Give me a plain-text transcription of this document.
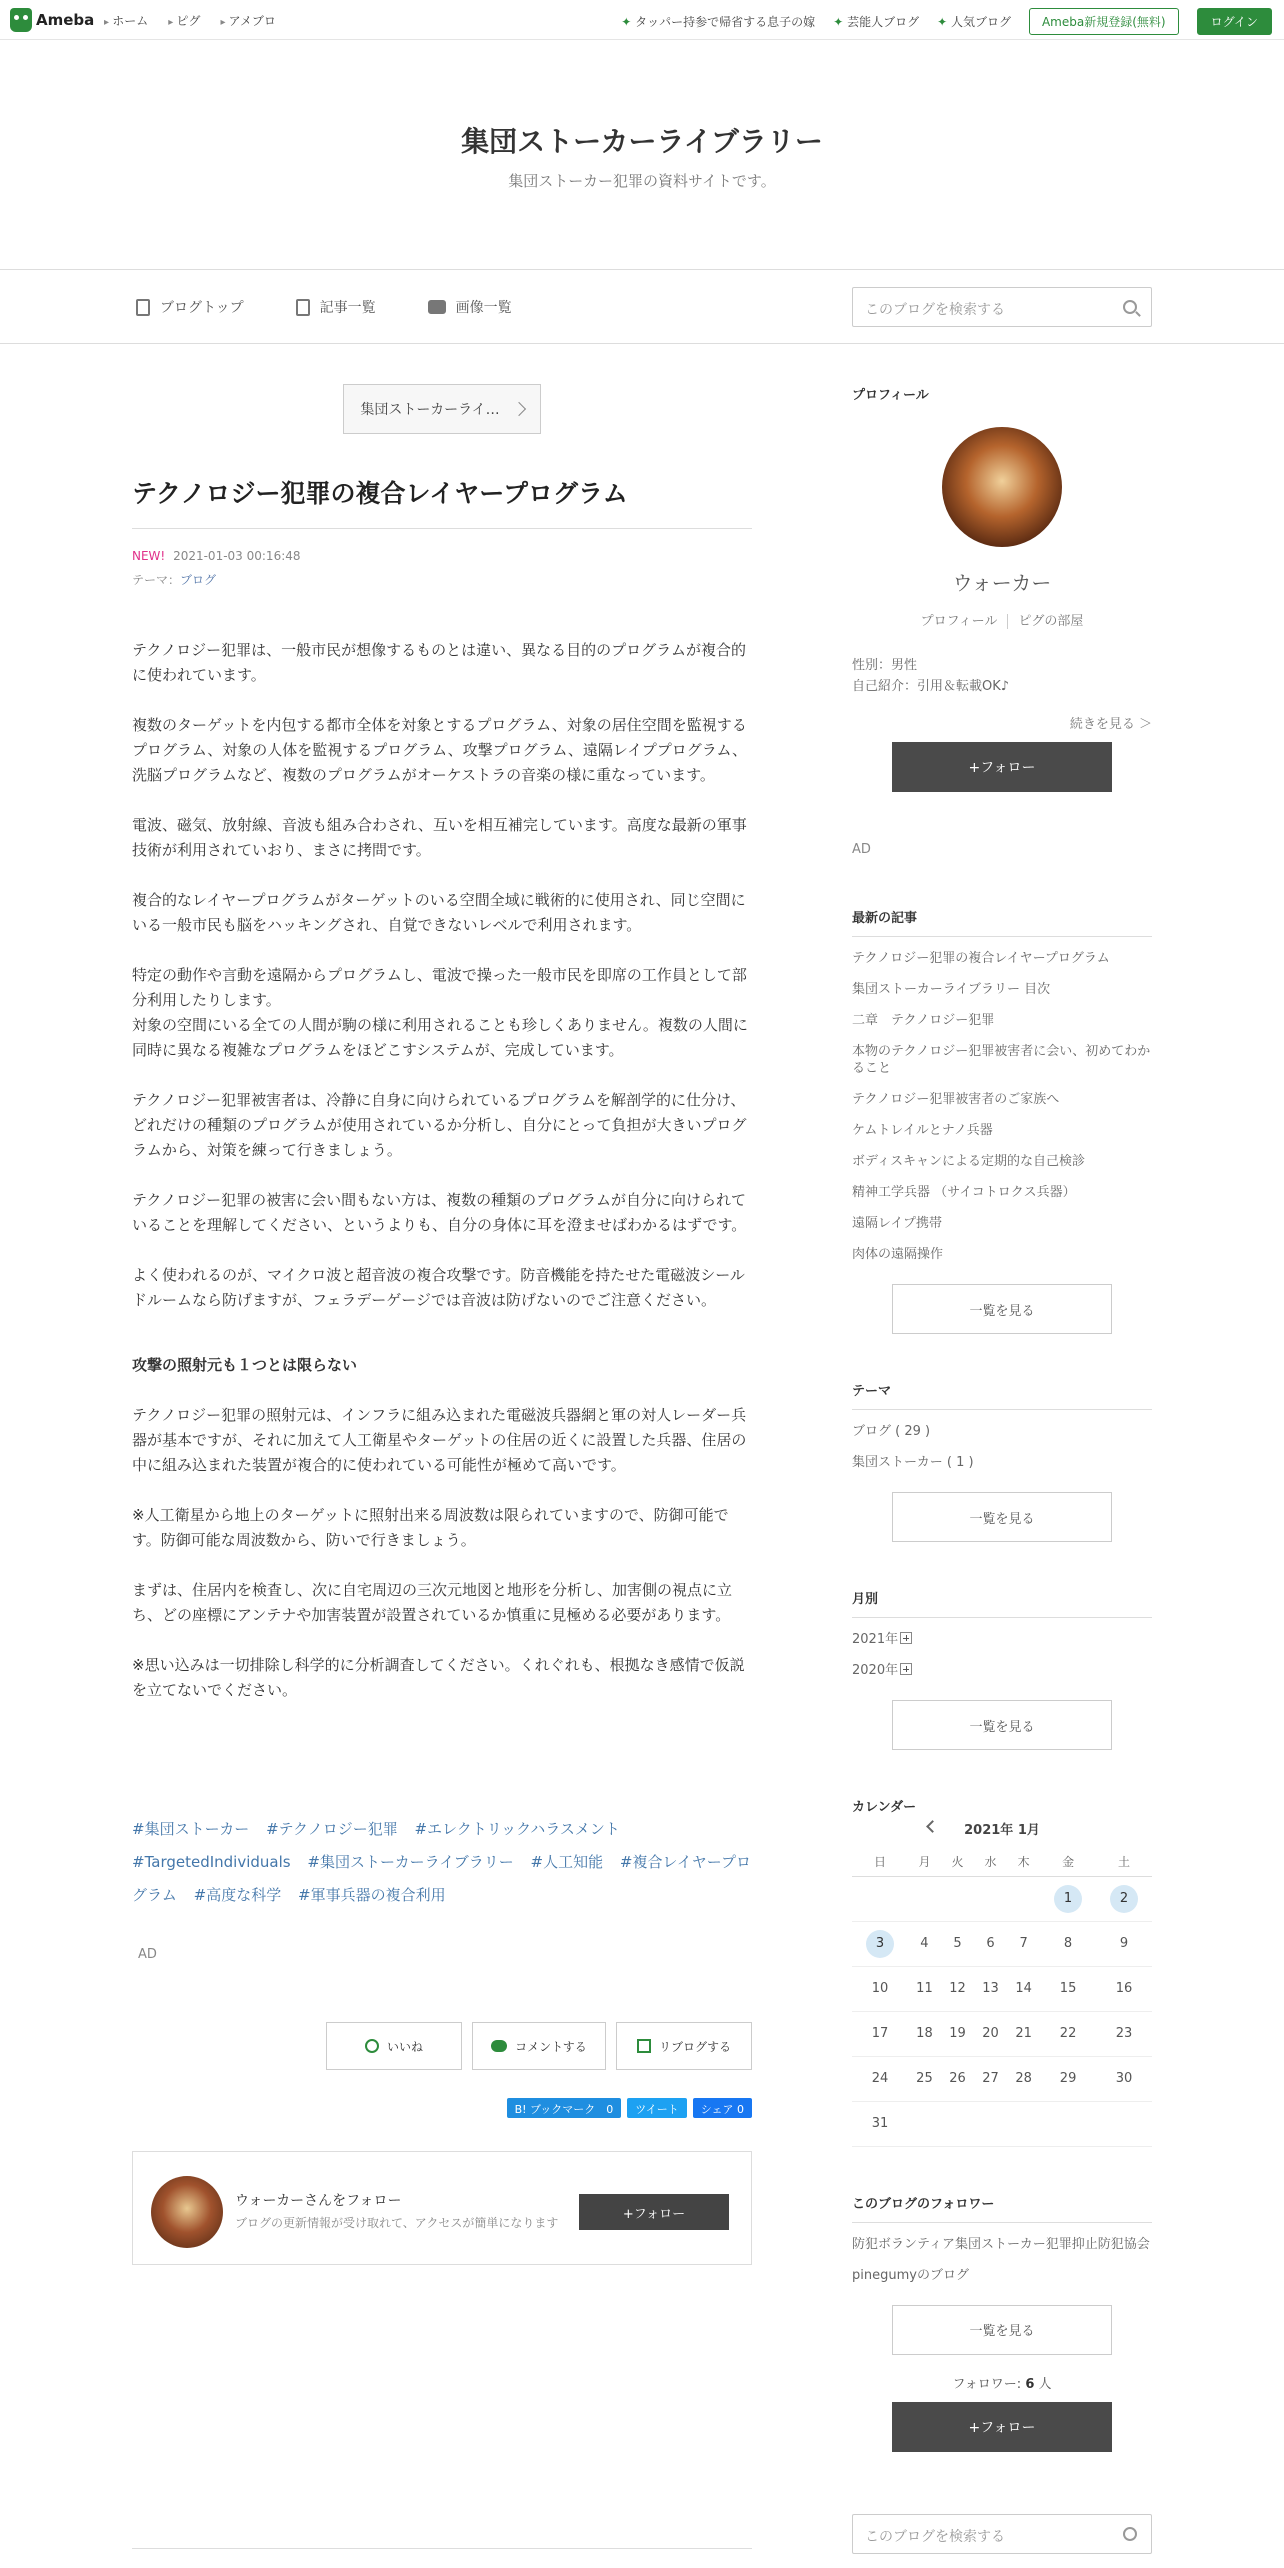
Ameba	▸ ホーム	▸ ピグ	▸ アメブロ	✦ タッパー持参で帰省する息子の嫁	✦ 芸能人ブログ	✦ 人気ブログ	Ameba新規登録(無料)	ログイン
集団ストーカーライブラリー
集団ストーカー犯罪の資料サイトです。
ブログトップ	記事一覧	画像一覧	このブログを検索する
集団ストーカーライ…
テクノロジー犯罪の複合レイヤープログラム
NEW! 2021-01-03 00:16:48
テーマ：ブログ

テクノロジー犯罪は、一般市民が想像するものとは違い、異なる目的のプログラムが複合的に使われています。

複数のターゲットを内包する都市全体を対象とするプログラム、対象の居住空間を監視するプログラム、対象の人体を監視するプログラム、攻撃プログラム、遠隔レイププログラム、洗脳プログラムなど、複数のプログラムがオーケストラの音楽の様に重なっています。

電波、磁気、放射線、音波も組み合わされ、互いを相互補完しています。高度な最新の軍事技術が利用されていおり、まさに拷問です。

複合的なレイヤープログラムがターゲットのいる空間全域に戦術的に使用され、同じ空間にいる一般市民も脳をハッキングされ、自覚できないレベルで利用されます。

特定の動作や言動を遠隔からプログラムし、電波で操った一般市民を即席の工作員として部分利用したりします。
対象の空間にいる全ての人間が駒の様に利用されることも珍しくありません。複数の人間に同時に異なる複雑なプログラムをほどこすシステムが、完成しています。

テクノロジー犯罪被害者は、冷静に自身に向けられているプログラムを解剖学的に仕分け、どれだけの種類のプログラムが使用されているか分析し、自分にとって負担が大きいプログラムから、対策を練って行きましょう。

テクノロジー犯罪の被害に会い間もない方は、複数の種類のプログラムが自分に向けられていることを理解してください、というよりも、自分の身体に耳を澄ませばわかるはずです。

よく使われるのが、マイクロ波と超音波の複合攻撃です。防音機能を持たせた電磁波シールドルームなら防げますが、フェラデーゲージでは音波は防げないのでご注意ください。

攻撃の照射元も１つとは限らない

テクノロジー犯罪の照射元は、インフラに組み込まれた電磁波兵器網と軍の対人レーダー兵器が基本ですが、それに加えて人工衛星やターゲットの住居の近くに設置した兵器、住居の中に組み込まれた装置が複合的に使われている可能性が極めて高いです。

※人工衛星から地上のターゲットに照射出来る周波数は限られていますので、防御可能です。防御可能な周波数から、防いで行きましょう。

まずは、住居内を検査し、次に自宅周辺の三次元地図と地形を分析し、加害側の視点に立ち、どの座標にアンテナや加害装置が設置されているか慎重に見極める必要があります。

※思い込みは一切排除し科学的に分析調査してください。くれぐれも、根拠なき感情で仮説を立てないでください。

#集団ストーカー #テクノロジー犯罪 #エレクトリックハラスメント #TargetedIndividuals #集団ストーカーライブラリー #人工知能 #複合レイヤープログラム #高度な科学 #軍事兵器の複合利用
AD
いいね	コメントする	リブログする
B! ブックマーク　0	ツイート	シェア 0
ウォーカーさんをフォロー
ブログの更新情報が受け取れて、アクセスが簡単になります
+フォロー
プロフィール
ウォーカー
プロフィール ピグの部屋
性別：男性
自己紹介：引用＆転載OK♪
続きを見る ＞
+フォロー
AD
最新の記事
テクノロジー犯罪の複合レイヤープログラム
集団ストーカーライブラリー 目次
二章　テクノロジー犯罪
本物のテクノロジー犯罪被害者に会い、初めてわかること
テクノロジー犯罪被害者のご家族へ
ケムトレイルとナノ兵器
ボディスキャンによる定期的な自己検診
精神工学兵器 （サイコトロクス兵器）
遠隔レイプ携帯
肉体の遠隔操作
一覧を見る
テーマ
ブログ ( 29 )
集団ストーカー ( 1 )
一覧を見る
月別
2021年
2020年
一覧を見る
カレンダー
2021年 1月
日	月	火	水	木	金	土
					1	2
3	4	5	6	7	8	9
10	11	12	13	14	15	16
17	18	19	20	21	22	23
24	25	26	27	28	29	30
31						
このブログのフォロワー
防犯ボランティア集団ストーカー犯罪抑止防犯協会
pinegumyのブログ
一覧を見る
フォロワー: 6 人
+フォロー
このブログを検索する
